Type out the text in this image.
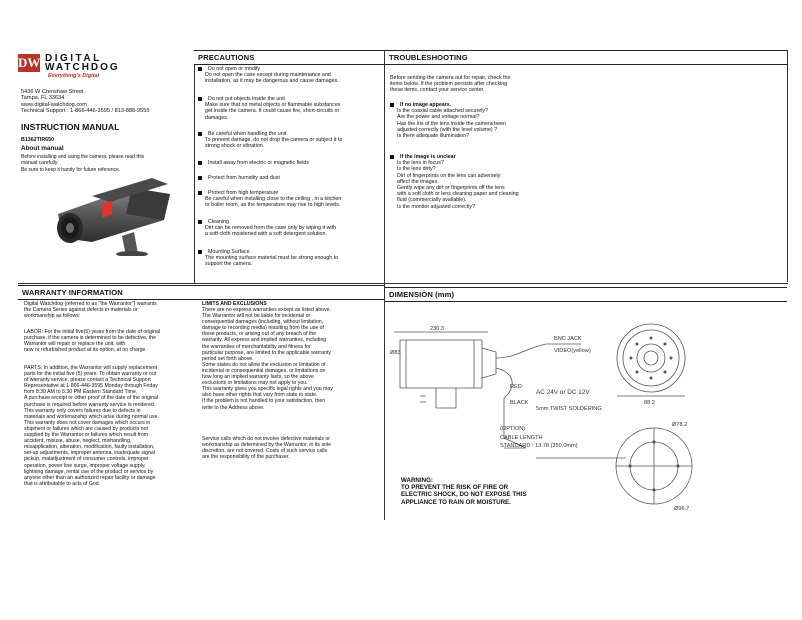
DW DIGITAL
WATCHDOG
Everything's Digital
5436 W Crenshaw Street
Tampa, FL 33634
www.digital-watchdog.com
Technical Support : 1-866-446-3595 / 813-888-9555
INSTRUCTION MANUAL
B1362TIR650
About manual
Before installing and using the camera, please read this
manual carefully.
Be sure to keep it handy for future reference.
PRECAUTIONS
Do not open or modify
Do not open the case except during maintenance and
installation, as it may be dangerous and cause damages.
Do not put objects inside the unit
Make sure that no metal objects or flammable substances
get inside the camera. It could cause fire, short-circuits or
damages.
Be careful when handling the unit
To prevent damage, do not drop the camera or subject it to
strong shock or vibration.
Install away from electric or magnetic fields
Protect from humidity and dust
Protect from high temperature
Be careful when installing close to the ceiling , in a kitchen
or boiler room, as the temperature may rise to high levels.
Cleaning
Dirt can be removed from the case only by wiping it with
a soft cloth moistened with a soft detergent solution.
Mounting Surface
The mounting surface material must be strong enough to
support the camera.
TROUBLESHOOTING
Before sending the camera out for repair, check the
items below. If the problem persists after checking
these items, contact your service center.
If no image appears.
Is the coaxial cable attached securely?
Are the power and voltage normal?
Has the iris of the lens inside the camera been
adjusted correctly (with the level volume) ?
Is there adequate illumination?
If the image is unclear
Is the lens in focus?
Is the lens dirty?
Dirt of fingerprints on the lens can adversely
affect the images.
Gently wipe any dirt or fingerprints off the lens
with a soft cloth or lens cleaning paper and cleaning
fluid (commercially available).
Is the monitor adjusted correctly?
WARRANTY INFORMATION
Digital Watchdog (referred to as "the Warrantor") warrants
the Camera Series against defects in materials or
workmanship as follows:
LABOR: For the initial five(5) years from the date of original
purchase, if the camera is determined to be defective, the
Warrantor will repair or replace the unit, with
new or refurbished product at its option, at no charge.
PARTS: In addition, the Warrantor will supply replacement
parts for the initial five (5) years. To obtain warranty or out
of warranty service, please contact a Technical Support
Representative at 1-866-446-3595 Monday through Friday
from 8:30 AM to 5:30 PM Eastern Standard Time.
A purchase receipt or other proof of the date of the original
purchase is required before warranty service is rendered.
This warranty only covers failures due to defects in
materials and workmanship which arise during normal use.
This warranty does not cover damages which occurs in
shipment or failures which are caused by products not
supplied by the Warrantor or failures which result from
accident, misuse, abuse, neglect, mishandling,
misapplication, alteration, modification, faulty installation,
set-up adjustments, improper antenna, inadequate signal
pickup, maladjustment of consumer controls, improper
operation, power line surge, improper voltage supply,
lightning damage, rental use of the product or service by
anyone other than an authorized repair facility or damage
that is attributable to acts of God.
LIMITS AND EXCLUSIONS
There are no express warranties except as listed above.
The Warrantor will not be liable for incidental or
consequential damages (including, without limitation,
damage to recording media) resulting from the use of
these products, or arising out of any breach of the
warranty. All express and implied warranties, including
the warranties of merchantability and fitness for
particular purpose, are limited to the applicable warranty
period set forth above.
Some states do not allow the exclusion or limitation of
incidental or consequential damages, or limitations on
how long an implied warranty lasts, so the above
exclusions or limitations may not apply to you.
This warranty gives you specific legal rights and you may
also have other rights that vary from state to state.
If the problem is not handled to your satisfaction, then
write to the Address above.
Service calls which do not involve defective materials or
workmanship as determined by the Warrantor, in its sole
discretion, are not covered. Costs of such service calls
are the responsibility of the purchaser.
DIMENSION (mm)
230.3
Ø83
BNC JACK
VIDEO(yellow)
RED
AC 24V or DC 12V
BLACK
5mm TWIST SOLDERING
(OPTION)
CABLE LENGTH
STANDARD : 13.78 (350.0mm)
88.2
Ø78.2
Ø96.7
WARNING:
TO PREVENT THE RISK OF FIRE OR
ELECTRIC SHOCK, DO NOT EXPOSE THIS
APPLIANCE TO RAIN OR MOISTURE.
